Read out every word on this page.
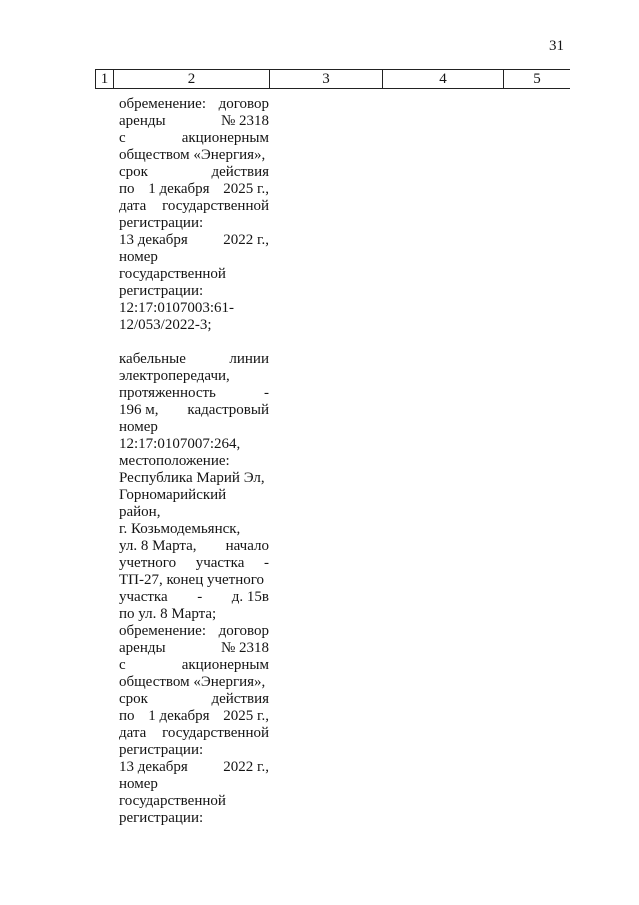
31
1	2	3	4	5
обременение: договор
аренды	№ 2318
с	акционерным
обществом «Энергия»,
срок	действия
по 1 декабря 2025 г.,
дата государственной
регистрации:
13 декабря 2022 г.,
номер
государственной
регистрации:
12:17:0107003:61-
12/053/2022-3;
кабельные	линии
электропередачи,
протяженность	-
196 м, кадастровый
номер
12:17:0107007:264,
местоположение:
Республика Марий Эл,
Горномарийский
район,
г. Козьмодемьянск,
ул. 8 Марта, начало
учетного участка -
ТП-27, конец учетного
участка - д. 15в
по ул. 8 Марта;
обременение: договор
аренды	№ 2318
с	акционерным
обществом «Энергия»,
срок	действия
по 1 декабря 2025 г.,
дата государственной
регистрации:
13 декабря 2022 г.,
номер
государственной
регистрации:
